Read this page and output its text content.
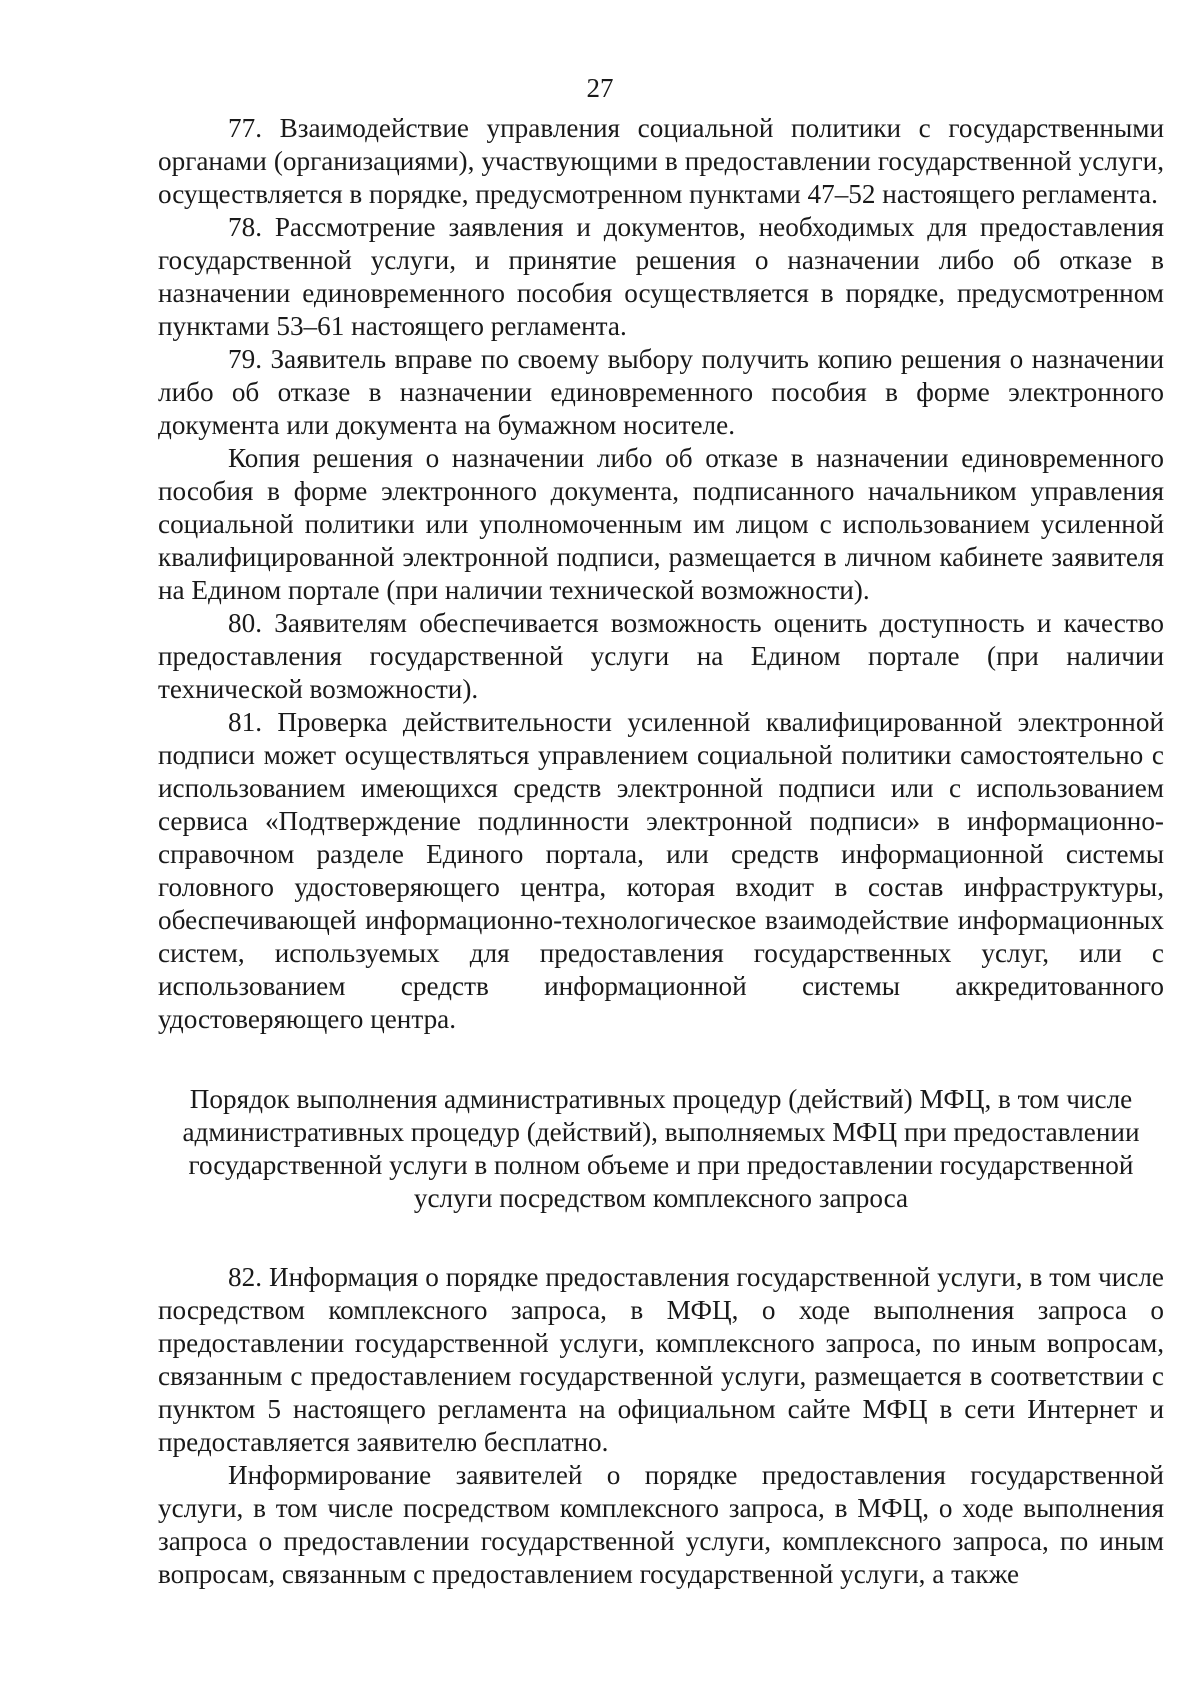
27

77. Взаимодействие управления социальной политики с государственными органами (организациями), участвующими в предоставлении государственной услуги, осуществляется в порядке, предусмотренном пунктами 47–52 настоящего регламента.

78. Рассмотрение заявления и документов, необходимых для предоставления государственной услуги, и принятие решения о назначении либо об отказе в назначении единовременного пособия осуществляется в порядке, предусмотренном пунктами 53–61 настоящего регламента.

79. Заявитель вправе по своему выбору получить копию решения о назначении либо об отказе в назначении единовременного пособия в форме электронного документа или документа на бумажном носителе.

Копия решения о назначении либо об отказе в назначении единовременного пособия в форме электронного документа, подписанного начальником управления социальной политики или уполномоченным им лицом с использованием усиленной квалифицированной электронной подписи, размещается в личном кабинете заявителя на Едином портале (при наличии технической возможности).

80. Заявителям обеспечивается возможность оценить доступность и качество предоставления государственной услуги на Едином портале (при наличии технической возможности).

81. Проверка действительности усиленной квалифицированной электронной подписи может осуществляться управлением социальной политики самостоятельно с использованием имеющихся средств электронной подписи или с использованием сервиса «Подтверждение подлинности электронной подписи» в информационно-справочном разделе Единого портала, или средств информационной системы головного удостоверяющего центра, которая входит в состав инфраструктуры, обеспечивающей информационно-технологическое взаимодействие информационных систем, используемых для предоставления государственных услуг, или с использованием средств информационной системы аккредитованного удостоверяющего центра.

Порядок выполнения административных процедур (действий) МФЦ, в том числе административных процедур (действий), выполняемых МФЦ при предоставлении государственной услуги в полном объеме и при предоставлении государственной услуги посредством комплексного запроса

82. Информация о порядке предоставления государственной услуги, в том числе посредством комплексного запроса, в МФЦ, о ходе выполнения запроса о предоставлении государственной услуги, комплексного запроса, по иным вопросам, связанным с предоставлением государственной услуги, размещается в соответствии с пунктом 5 настоящего регламента на официальном сайте МФЦ в сети Интернет и предоставляется заявителю бесплатно.

Информирование заявителей о порядке предоставления государственной услуги, в том числе посредством комплексного запроса, в МФЦ, о ходе выполнения запроса о предоставлении государственной услуги, комплексного запроса, по иным вопросам, связанным с предоставлением государственной услуги, а также
